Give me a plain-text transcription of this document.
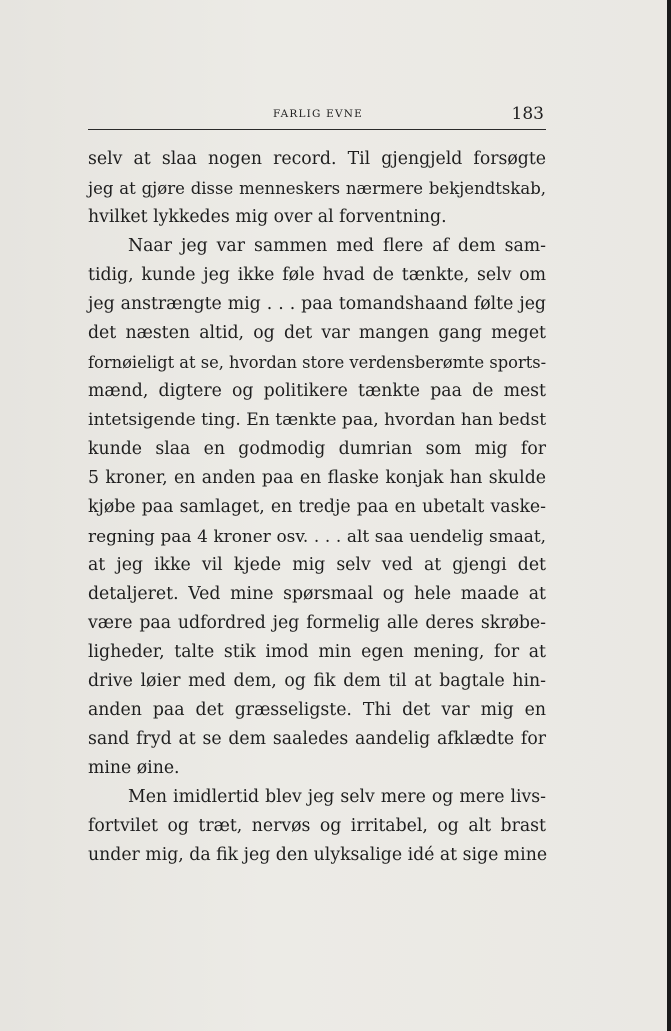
FARLIG EVNE	183
selv at slaa nogen record. Til gjengjeld forsøgte
jeg at gjøre disse menneskers nærmere bekjendtskab,
hvilket lykkedes mig over al forventning.
Naar jeg var sammen med flere af dem sam-
tidig, kunde jeg ikke føle hvad de tænkte, selv om
jeg anstrængte mig . . . paa tomandshaand følte jeg
det næsten altid, og det var mangen gang meget
fornøieligt at se, hvordan store verdensberømte sports-
mænd, digtere og politikere tænkte paa de mest
intetsigende ting. En tænkte paa, hvordan han bedst
kunde slaa en godmodig dumrian som mig for
5 kroner, en anden paa en flaske konjak han skulde
kjøbe paa samlaget, en tredje paa en ubetalt vaske-
regning paa 4 kroner osv. . . . alt saa uendelig smaat,
at jeg ikke vil kjede mig selv ved at gjengi det
detaljeret. Ved mine spørsmaal og hele maade at
være paa udfordred jeg formelig alle deres skrøbe-
ligheder, talte stik imod min egen mening, for at
drive løier med dem, og fik dem til at bagtale hin-
anden paa det græsseligste. Thi det var mig en
sand fryd at se dem saaledes aandelig afklædte for
mine øine.
Men imidlertid blev jeg selv mere og mere livs-
fortvilet og træt, nervøs og irritabel, og alt brast
under mig, da fik jeg den ulyksalige idé at sige mine
